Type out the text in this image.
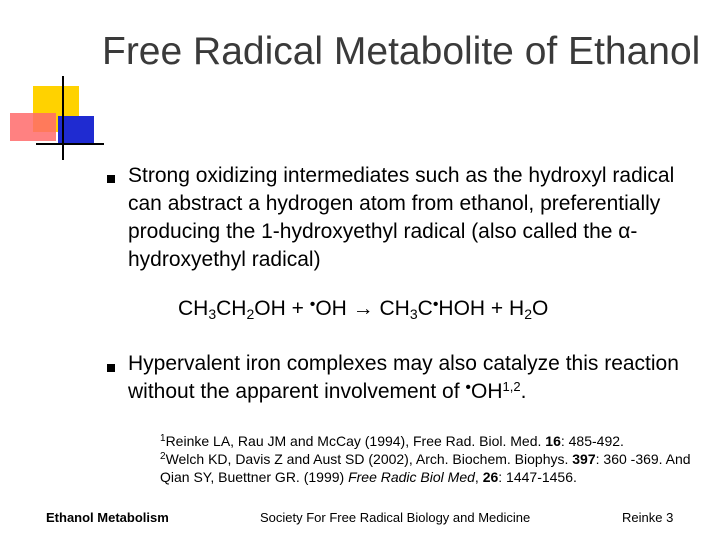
Free Radical Metabolite of Ethanol
Strong oxidizing intermediates such as the hydroxyl radical can abstract a hydrogen atom from ethanol, preferentially producing the 1-hydroxyethyl radical (also called the α-hydroxyethyl radical)
$CH_3CH_2OH + ^•OH \to CH_3C^•HOH + H_2O$
Hypervalent iron complexes may also catalyze this reaction without the apparent involvement of •OH$^{1,2}$.
$^1$Reinke LA, Rau JM and McCay (1994), Free Rad. Biol. Med. 16: 485-492.
$^2$Welch KD, Davis Z and Aust SD (2002), Arch. Biochem. Biophys. 397: 360 -369. And Qian SY, Buettner GR. (1999) Free Radic Biol Med, 26: 1447-1456.
Ethanol Metabolism	Society For Free Radical Biology and Medicine	Reinke 3
